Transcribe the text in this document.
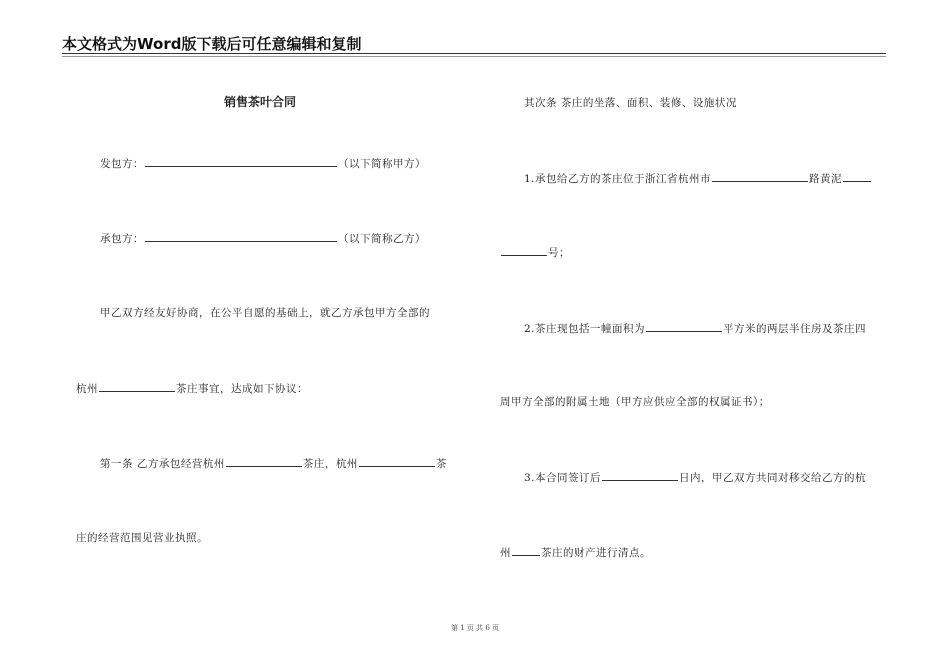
本文格式为Word版下载后可任意编辑和复制
销售茶叶合同
发包方：	（以下简称甲方）
承包方：	（以下简称乙方）
甲乙双方经友好协商，在公平自愿的基础上，就乙方承包甲方全部的
杭州	茶庄事宜，达成如下协议：
第一条 乙方承包经营杭州	茶庄，杭州	茶
庄的经营范围见营业执照。
其次条 茶庄的坐落、面积、装修、设施状况
1.承包给乙方的茶庄位于浙江省杭州市	路黄泥
号；
2.茶庄现包括一幢面积为	平方米的两层半住房及茶庄四
周甲方全部的附属土地（甲方应供应全部的权属证书）；
3.本合同签订后	日内，甲乙双方共同对移交给乙方的杭
州	茶庄的财产进行清点。
第 1 页 共 6 页
